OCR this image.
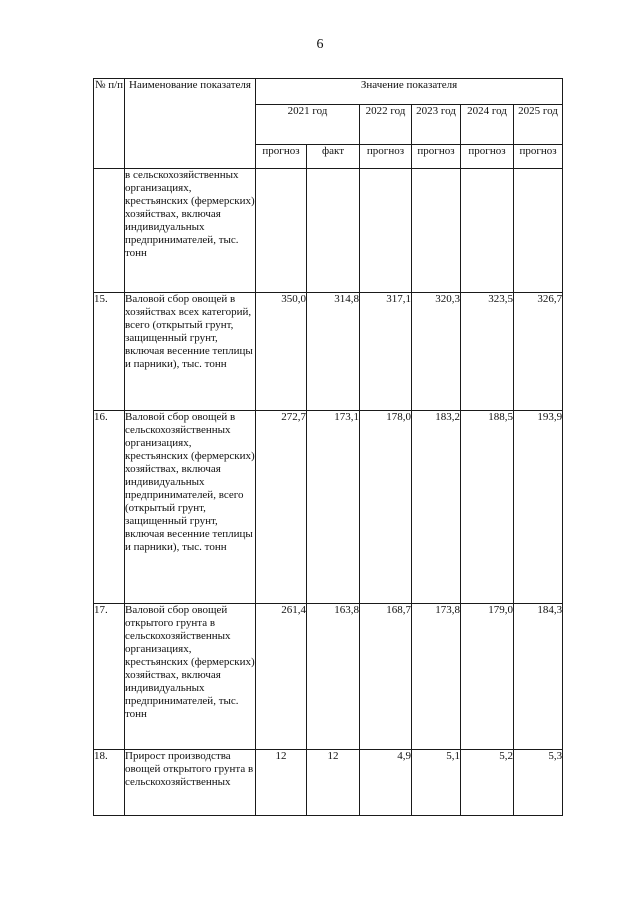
6
№ п/п	Наименование показателя	Значение показателя					
		2021 год		2022 год	2023 год	2024 год	2025 год
		прогноз	факт	прогноз	прогноз	прогноз	прогноз
	в сельскохозяйственных организациях, крестьянских (фермерских) хозяйствах, включая индивидуальных предпринимателей, тыс. тонн						
15.	Валовой сбор овощей в хозяйствах всех категорий, всего (открытый грунт, защищенный грунт, включая весенние теплицы и парники), тыс. тонн	350,0	314,8	317,1	320,3	323,5	326,7
16.	Валовой сбор овощей в сельскохозяйственных организациях, крестьянских (фермерских) хозяйствах, включая индивидуальных предпринимателей, всего (открытый грунт, защищенный грунт, включая весенние теплицы и парники), тыс. тонн	272,7	173,1	178,0	183,2	188,5	193,9
17.	Валовой сбор овощей открытого грунта в сельскохозяйственных организациях, крестьянских (фермерских) хозяйствах, включая индивидуальных предпринимателей, тыс. тонн	261,4	163,8	168,7	173,8	179,0	184,3
18.	Прирост производства овощей открытого грунта в сельскохозяйственных	12	12	4,9	5,1	5,2	5,3
